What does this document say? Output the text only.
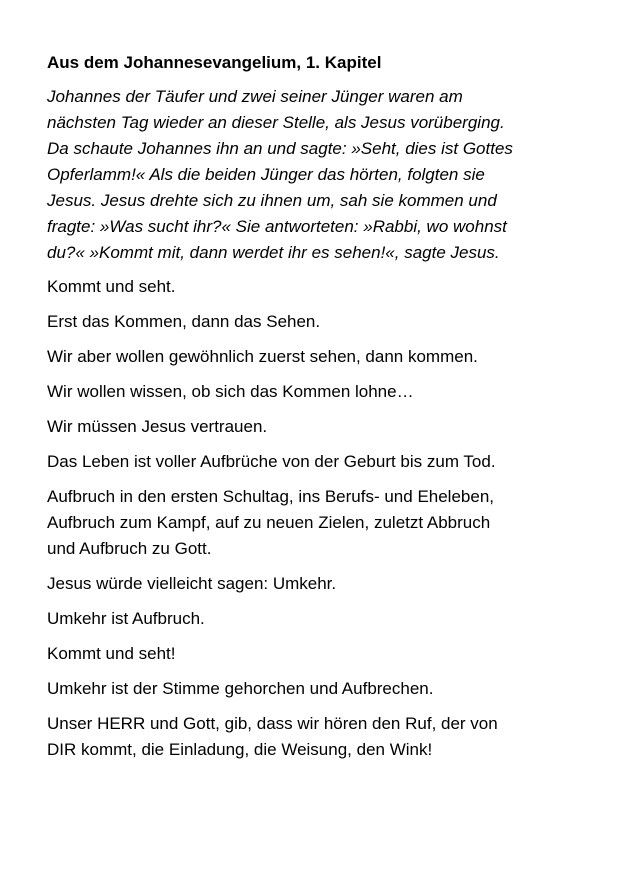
Aus dem Johannesevangelium, 1. Kapitel
Johannes der Täufer und zwei seiner Jünger waren am
nächsten Tag wieder an dieser Stelle, als Jesus vorüberging.
Da schaute Johannes ihn an und sagte: »Seht, dies ist Gottes
Opferlamm!« Als die beiden Jünger das hörten, folgten sie
Jesus. Jesus drehte sich zu ihnen um, sah sie kommen und
fragte: »Was sucht ihr?« Sie antworteten: »Rabbi, wo wohnst
du?« »Kommt mit, dann werdet ihr es sehen!«, sagte Jesus.
Kommt und seht.
Erst das Kommen, dann das Sehen.
Wir aber wollen gewöhnlich zuerst sehen, dann kommen.
Wir wollen wissen, ob sich das Kommen lohne…
Wir müssen Jesus vertrauen.
Das Leben ist voller Aufbrüche von der Geburt bis zum Tod.
Aufbruch in den ersten Schultag, ins Berufs- und Eheleben,
Aufbruch zum Kampf, auf zu neuen Zielen, zuletzt Abbruch
und Aufbruch zu Gott.
Jesus würde vielleicht sagen: Umkehr.
Umkehr ist Aufbruch.
Kommt und seht!
Umkehr ist der Stimme gehorchen und Aufbrechen.
Unser HERR und Gott, gib, dass wir hören den Ruf, der von
DIR kommt, die Einladung, die Weisung, den Wink!
